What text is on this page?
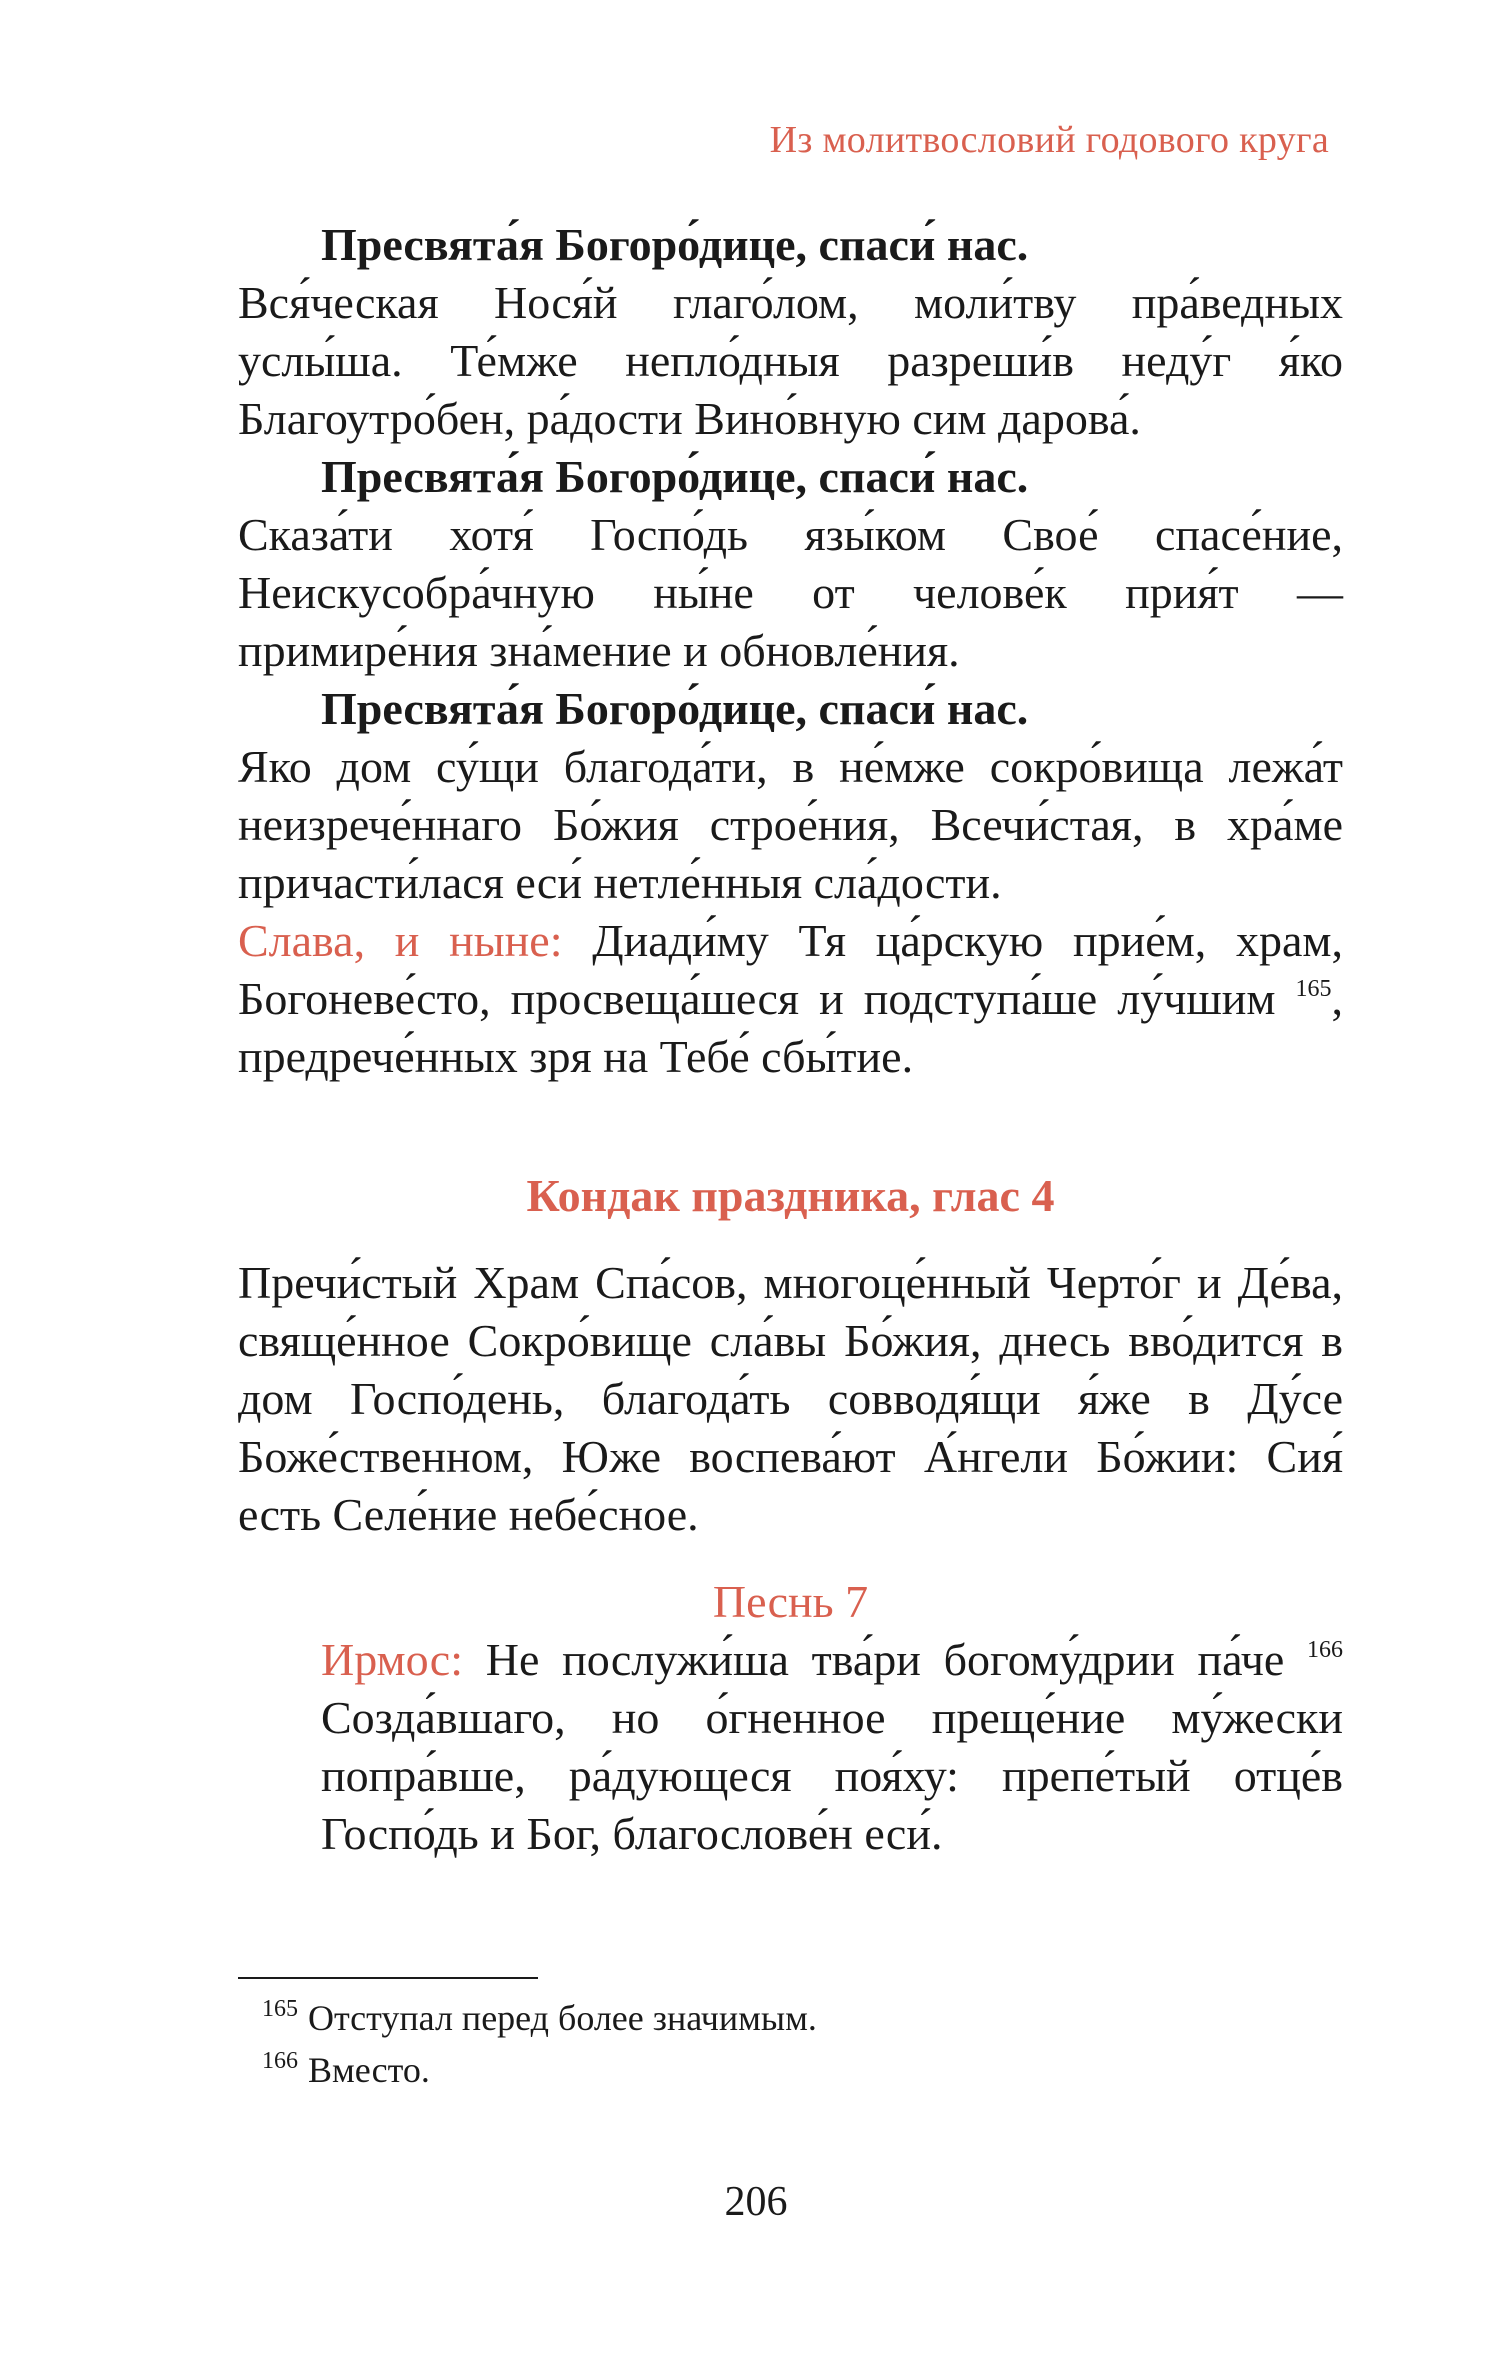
Из молитвословий годового круга

Пресвята́я Богоро́дице, спаси́ нас.

Вся́ческая Нося́й глаго́лом, моли́тву пра́ведных услы́ша. Те́мже непло́дныя разреши́в неду́г я́ко Благоутро́бен, ра́дости Вино́вную сим дарова́.

Пресвята́я Богоро́дице, спаси́ нас.

Сказа́ти хотя́ Госпо́дь язы́ком Свое́ спасе́ние, Неискусобра́чную ны́не от челове́к прия́т — примире́ния зна́мение и обновле́ния.

Пресвята́я Богоро́дице, спаси́ нас.

Яко дом су́щи благода́ти, в не́мже сокро́вища лежа́т неизрече́ннаго Бо́жия строе́ния, Всечи́стая, в хра́ме причасти́лася еси́ нетле́нныя сла́дости.

Слава, и ныне: Диади́му Тя ца́рскую прие́м, храм, Богоневе́сто, просвеща́шеся и подступа́ше лу́чшим $^{165}$, предрече́нных зря на Тебе́ сбы́тие.

Кондак праздника, глас 4

Пречи́стый Храм Спа́сов, многоце́нный Черто́г и Де́ва, свяще́нное Сокро́вище сла́вы Бо́жия, днесь вво́дится в дом Госпо́день, благода́ть совводя́щи я́же в Ду́се Боже́ственном, Юже воспева́ют А́нгели Бо́жии: Сия́ есть Селе́ние небе́сное.

Песнь 7

Ирмос: Не послужи́ша тва́ри богому́дрии па́че $^{166}$ Созда́вшаго, но о́гненное преще́ние му́жески попра́вше, ра́дующеся поя́ху: препе́тый отце́в Госпо́дь и Бог, благослове́н еси́.

$^{165}$ Отступал перед более значимым.

$^{166}$ Вместо.

206
